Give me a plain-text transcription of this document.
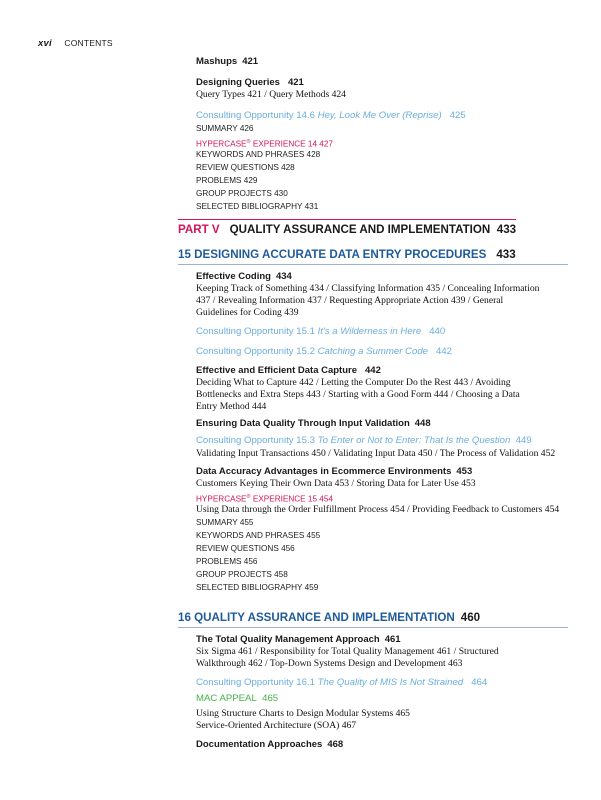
xvi CONTENTS
Mashups 421
Designing Queries 421
Query Types 421 / Query Methods 424
Consulting Opportunity 14.6 Hey, Look Me Over (Reprise) 425
SUMMARY 426
HYPERCASE® EXPERIENCE 14 427
KEYWORDS AND PHRASES 428
REVIEW QUESTIONS 428
PROBLEMS 429
GROUP PROJECTS 430
SELECTED BIBLIOGRAPHY 431
PART V QUALITY ASSURANCE AND IMPLEMENTATION 433
15 DESIGNING ACCURATE DATA ENTRY PROCEDURES 433
Effective Coding 434
Keeping Track of Something 434 / Classifying Information 435 / Concealing Information
437 / Revealing Information 437 / Requesting Appropriate Action 439 / General
Guidelines for Coding 439
Consulting Opportunity 15.1 It's a Wilderness in Here 440
Consulting Opportunity 15.2 Catching a Summer Code 442
Effective and Efficient Data Capture 442
Deciding What to Capture 442 / Letting the Computer Do the Rest 443 / Avoiding
Bottlenecks and Extra Steps 443 / Starting with a Good Form 444 / Choosing a Data
Entry Method 444
Ensuring Data Quality Through Input Validation 448
Consulting Opportunity 15.3 To Enter or Not to Enter: That Is the Question 449
Validating Input Transactions 450 / Validating Input Data 450 / The Process of Validation 452
Data Accuracy Advantages in Ecommerce Environments 453
Customers Keying Their Own Data 453 / Storing Data for Later Use 453
HYPERCASE® EXPERIENCE 15 454
Using Data through the Order Fulfillment Process 454 / Providing Feedback to Customers 454
SUMMARY 455
KEYWORDS AND PHRASES 455
REVIEW QUESTIONS 456
PROBLEMS 456
GROUP PROJECTS 458
SELECTED BIBLIOGRAPHY 459
16 QUALITY ASSURANCE AND IMPLEMENTATION 460
The Total Quality Management Approach 461
Six Sigma 461 / Responsibility for Total Quality Management 461 / Structured
Walkthrough 462 / Top-Down Systems Design and Development 463
Consulting Opportunity 16.1 The Quality of MIS Is Not Strained 464
MAC APPEAL 465
Using Structure Charts to Design Modular Systems 465
Service-Oriented Architecture (SOA) 467
Documentation Approaches 468
